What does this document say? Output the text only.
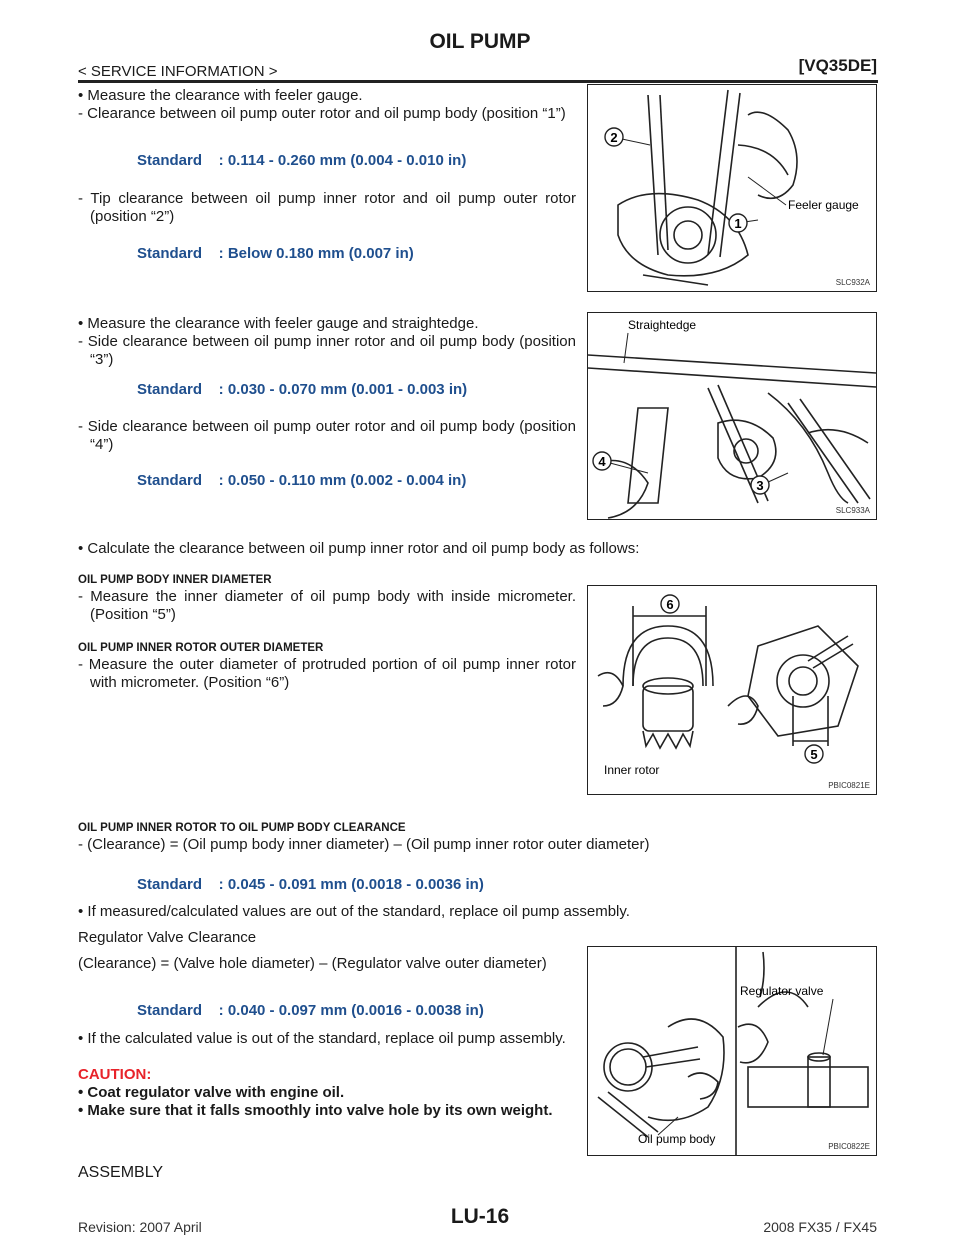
OIL PUMP
< SERVICE INFORMATION >	[VQ35DE]
• Measure the clearance with feeler gauge.
- Clearance between oil pump outer rotor and oil pump body (position “1”)
Standard    : 0.114 - 0.260 mm (0.004 - 0.010 in)
- Tip clearance between oil pump inner rotor and oil pump outer rotor (position “2”)
Standard    : Below 0.180 mm (0.007 in)
2
1
Feeler gauge
SLC932A
• Measure the clearance with feeler gauge and straightedge.
- Side clearance between oil pump inner rotor and oil pump body (position “3”)
Standard    : 0.030 - 0.070 mm (0.001 - 0.003 in)
- Side clearance between oil pump outer rotor and oil pump body (position “4”)
Standard    : 0.050 - 0.110 mm (0.002 - 0.004 in)
Straightedge
4
3
SLC933A
• Calculate the clearance between oil pump inner rotor and oil pump body as follows:
OIL PUMP BODY INNER DIAMETER
- Measure the inner diameter of oil pump body with inside micrometer. (Position “5”)
OIL PUMP INNER ROTOR OUTER DIAMETER
- Measure the outer diameter of protruded portion of oil pump inner rotor with micrometer. (Position “6”)
6
5
Inner rotor
PBIC0821E
OIL PUMP INNER ROTOR TO OIL PUMP BODY CLEARANCE
- (Clearance) = (Oil pump body inner diameter) – (Oil pump inner rotor outer diameter)
Standard    : 0.045 - 0.091 mm (0.0018 - 0.0036 in)
• If measured/calculated values are out of the standard, replace oil pump assembly.
Regulator Valve Clearance
(Clearance) = (Valve hole diameter) – (Regulator valve outer diameter)
Standard    : 0.040 - 0.097 mm (0.0016 - 0.0038 in)
• If the calculated value is out of the standard, replace oil pump assembly.
CAUTION:
• Coat regulator valve with engine oil.
• Make sure that it falls smoothly into valve hole by its own weight.
Regulator valve
Oil pump body
PBIC0822E
ASSEMBLY
Revision: 2007 April	LU-16	2008 FX35 / FX45
